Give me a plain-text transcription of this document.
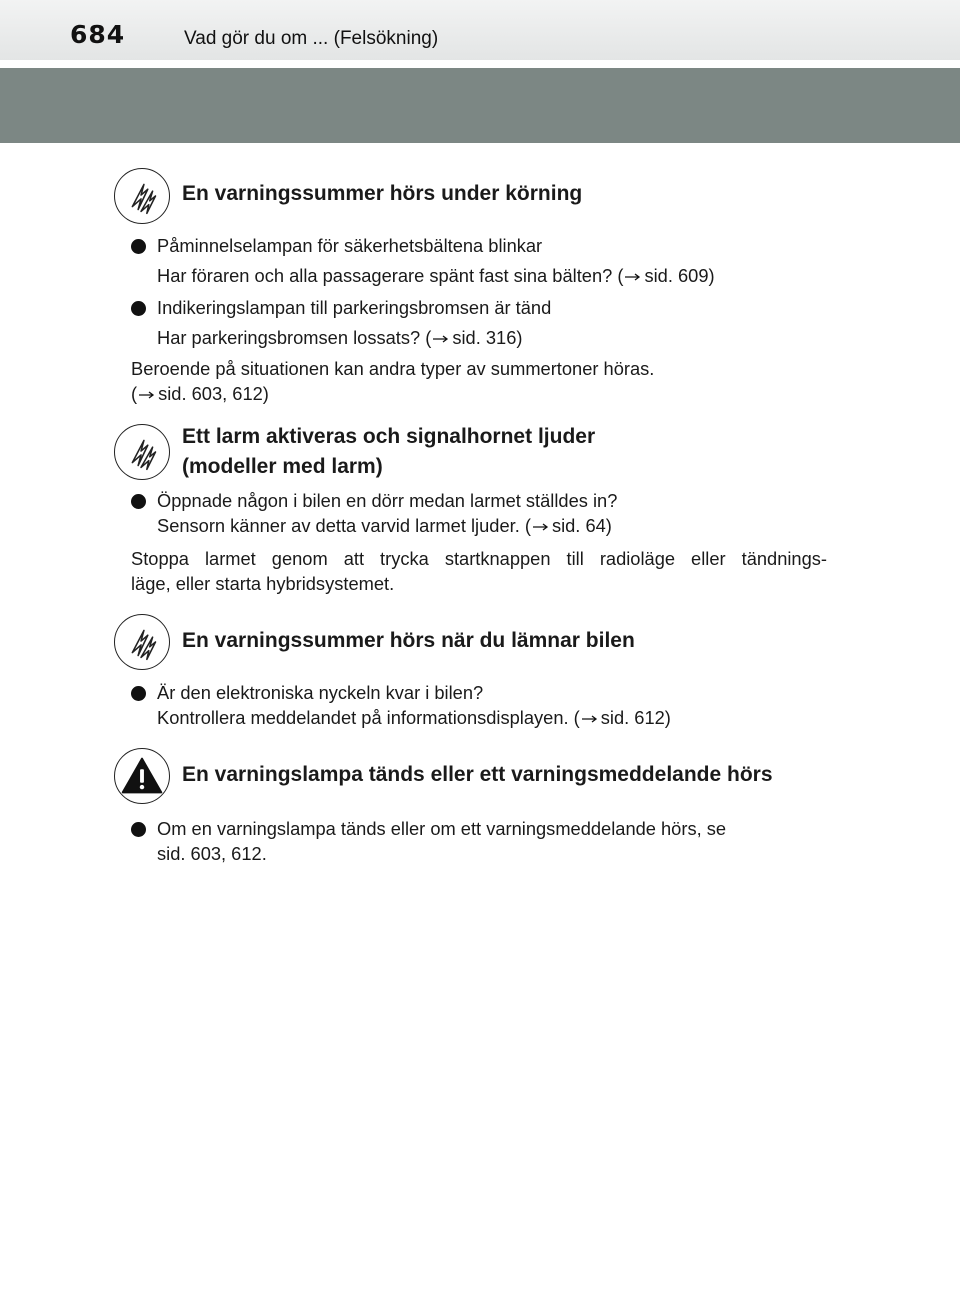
684	Vad gör du om ... (Felsökning)
En varningssummer hörs under körning
Påminnelselampan för säkerhetsbältena blinkar
Har föraren och alla passagerare spänt fast sina bälten? ( sid. 609)
Indikeringslampan till parkeringsbromsen är tänd
Har parkeringsbromsen lossats? ( sid. 316)
Beroende på situationen kan andra typer av summertoner höras.
( sid. 603, 612)
Ett larm aktiveras och signalhornet ljuder
(modeller med larm)
Öppnade någon i bilen en dörr medan larmet ställdes in?
Sensorn känner av detta varvid larmet ljuder. ( sid. 64)
Stoppa larmet genom att trycka startknappen till radioläge eller tändnings-
läge, eller starta hybridsystemet.
En varningssummer hörs när du lämnar bilen
Är den elektroniska nyckeln kvar i bilen?
Kontrollera meddelandet på informationsdisplayen. ( sid. 612)
En varningslampa tänds eller ett varningsmeddelande hörs
Om en varningslampa tänds eller om ett varningsmeddelande hörs, se
sid. 603, 612.
